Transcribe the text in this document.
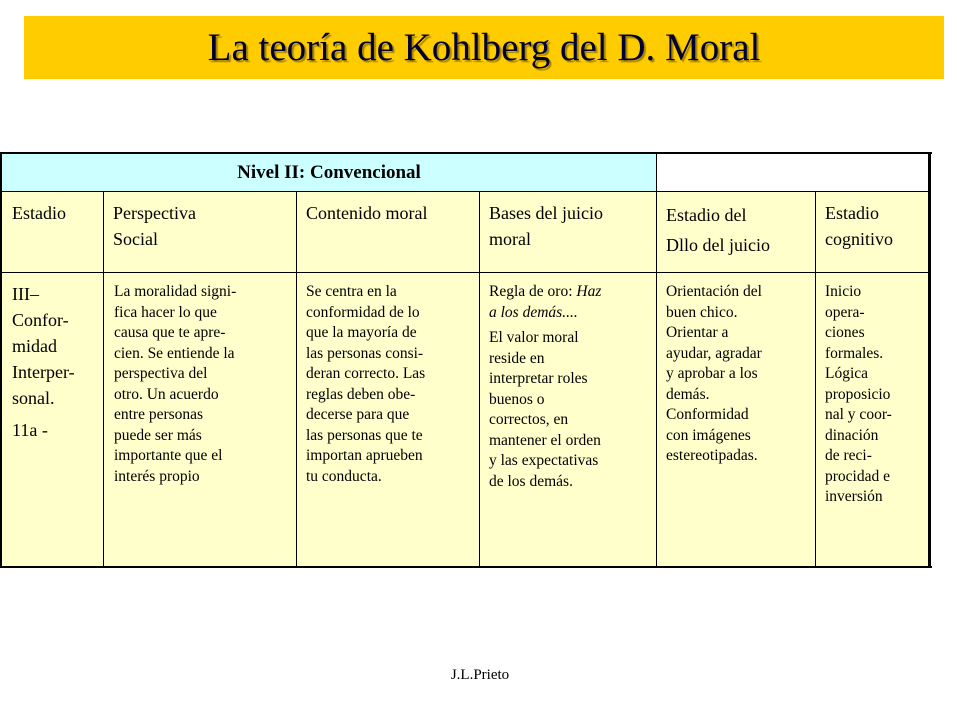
La teoría de Kohlberg del D. Moral
Nivel II: Convencional
Estadio	Perspectiva
Social
Contenido moral	Bases del juicio
moral
Estadio del
Dllo del juicio
Estadio
cognitivo
III–
Confor-
midad
Interper-
sonal.
11a -
La moralidad signi-
fica hacer lo que
causa que te apre-
cien. Se entiende la
perspectiva del
otro. Un acuerdo
entre personas
puede ser más
importante que el
interés propio
Se centra en la
conformidad de lo
que la mayoría de
las personas consi-
deran correcto. Las
reglas deben obe-
decerse para que
las personas que te
importan aprueben
tu conducta.
Regla de oro: Haz
a los demás....
El valor moral
reside en
interpretar roles
buenos o
correctos, en
mantener el orden
y las expectativas
de los demás.
Orientación del
buen chico.
Orientar a
ayudar, agradar
y aprobar a los
demás.
Conformidad
con imágenes
estereotipadas.
Inicio
opera-
ciones
formales.
Lógica
proposicio
nal y coor-
dinación
de reci-
procidad e
inversión
J.L.Prieto
